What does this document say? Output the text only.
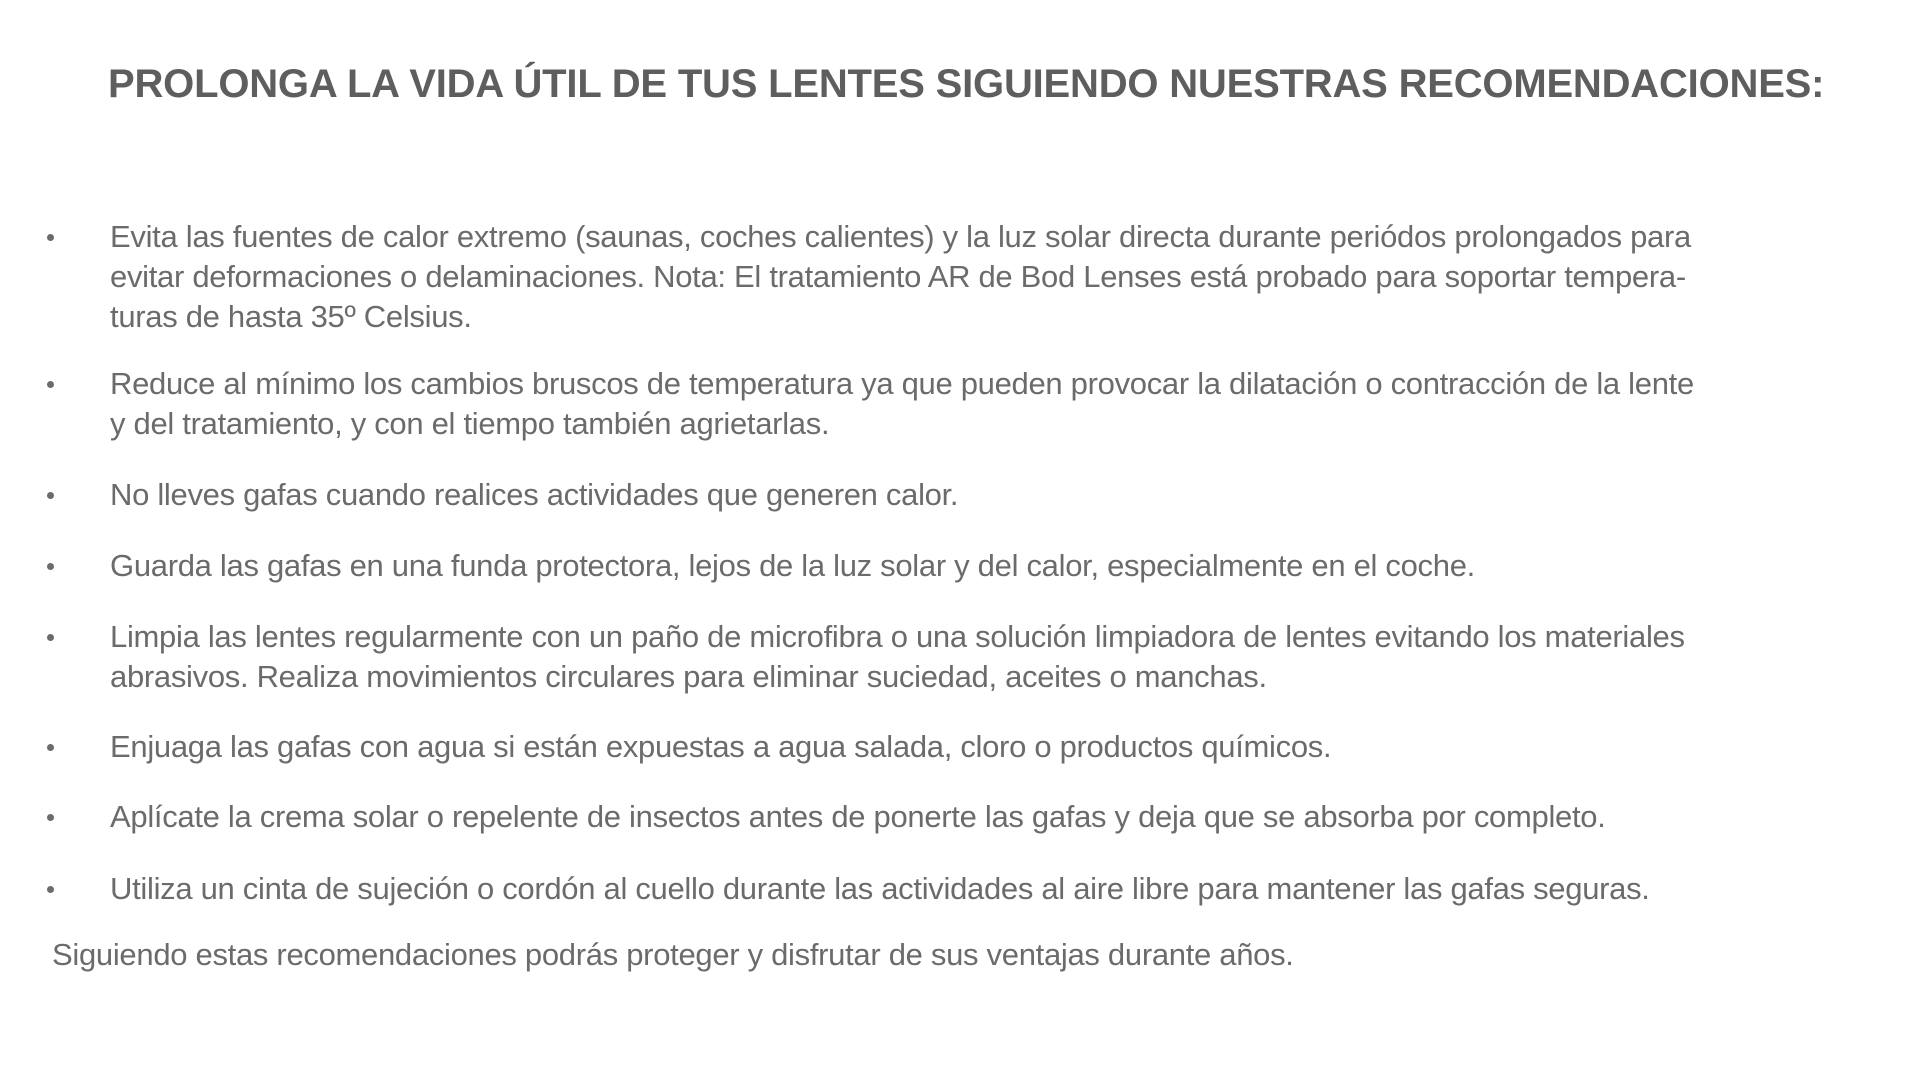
PROLONGA LA VIDA ÚTIL DE TUS LENTES SIGUIENDO NUESTRAS RECOMENDACIONES:
Evita las fuentes de calor extremo (saunas, coches calientes) y la luz solar directa durante periódos prolongados para
evitar deformaciones o delaminaciones. Nota: El tratamiento AR de Bod Lenses está probado para soportar tempera-
turas de hasta 35º Celsius.
Reduce al mínimo los cambios bruscos de temperatura ya que pueden provocar la dilatación o contracción de la lente
y del tratamiento, y con el tiempo también agrietarlas.
No lleves gafas cuando realices actividades que generen calor.
Guarda las gafas en una funda protectora, lejos de la luz solar y del calor, especialmente en el coche.
Limpia las lentes regularmente con un paño de microfibra o una solución limpiadora de lentes evitando los materiales
abrasivos. Realiza movimientos circulares para eliminar suciedad, aceites o manchas.
Enjuaga las gafas con agua si están expuestas a agua salada, cloro o productos químicos.
Aplícate la crema solar o repelente de insectos antes de ponerte las gafas y deja que se absorba por completo.
Utiliza un cinta de sujeción o cordón al cuello durante las actividades al aire libre para mantener las gafas seguras.

Siguiendo estas recomendaciones podrás proteger y disfrutar de sus ventajas durante años.
